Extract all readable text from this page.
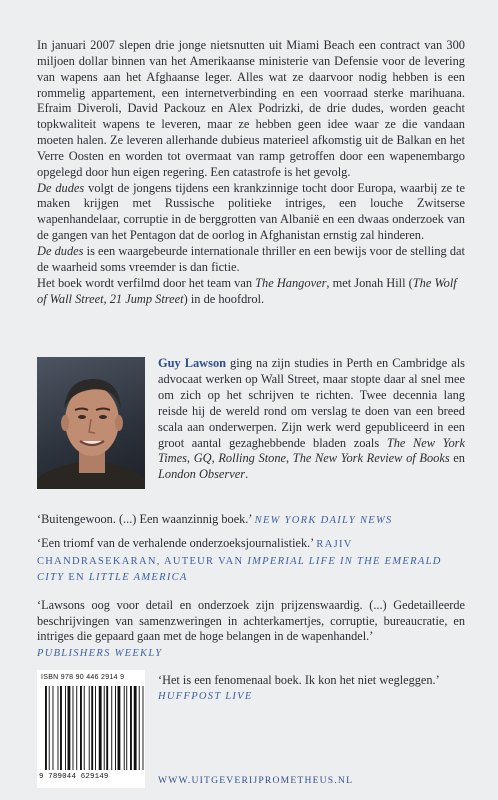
In januari 2007 slepen drie jonge nietsnutten uit Miami Beach een contract van 300 miljoen dollar binnen van het Amerikaanse ministerie van Defensie voor de levering van wapens aan het Afghaanse leger. Alles wat ze daarvoor nodig hebben is een rommelig appartement, een internetverbinding en een voorraad sterke marihuana. Efraim Diveroli, David Packouz en Alex Podrizki, de drie dudes, worden geacht topkwaliteit wapens te leveren, maar ze hebben geen idee waar ze die vandaan moeten halen. Ze leveren allerhande dubieus materieel afkomstig uit de Balkan en het Verre Oosten en worden tot overmaat van ramp getroffen door een wapenembargo opgelegd door hun eigen regering. Een catastrofe is het gevolg.

De dudes volgt de jongens tijdens een krankzinnige tocht door Europa, waarbij ze te maken krijgen met Russische politieke intriges, een louche Zwitserse wapenhandelaar, corruptie in de berggrotten van Albanië en een dwaas onderzoek van de gangen van het Pentagon dat de oorlog in Afghanistan ernstig zal hinderen.

De dudes is een waargebeurde internationale thriller en een bewijs voor de stelling dat de waarheid soms vreemder is dan fictie.

Het boek wordt verfilmd door het team van The Hangover, met Jonah Hill (The Wolf of Wall Street, 21 Jump Street) in de hoofdrol.

Guy Lawson ging na zijn studies in Perth en Cambridge als advocaat werken op Wall Street, maar stopte daar al snel mee om zich op het schrijven te richten. Twee decennia lang reisde hij de wereld rond om verslag te doen van een breed scala aan onderwerpen. Zijn werk werd gepubliceerd in een groot aantal gezaghebbende bladen zoals The New York Times, GQ, Rolling Stone, The New York Review of Books en London Observer.

‘Buitengewoon. (...) Een waanzinnig boek.’ NEW YORK DAILY NEWS
‘Een triomf van de verhalende onderzoeksjournalistiek.’ RAJIV CHANDRASEKARAN, AUTEUR VAN IMPERIAL LIFE IN THE EMERALD CITY EN LITTLE AMERICA
‘Lawsons oog voor detail en onderzoek zijn prijzenswaardig. (...) Gedetailleerde beschrijvingen van samenzweringen in achterkamertjes, corruptie, bureaucratie, en intriges die gepaard gaan met de hoge belangen in de wapenhandel.’
PUBLISHERS WEEKLY
ISBN 978 90 446 2914 9
9 789044 629149
‘Het is een fenomenaal boek. Ik kon het niet wegleggen.’
HUFFPOST LIVE
WWW.UITGEVERIJPROMETHEUS.NL
